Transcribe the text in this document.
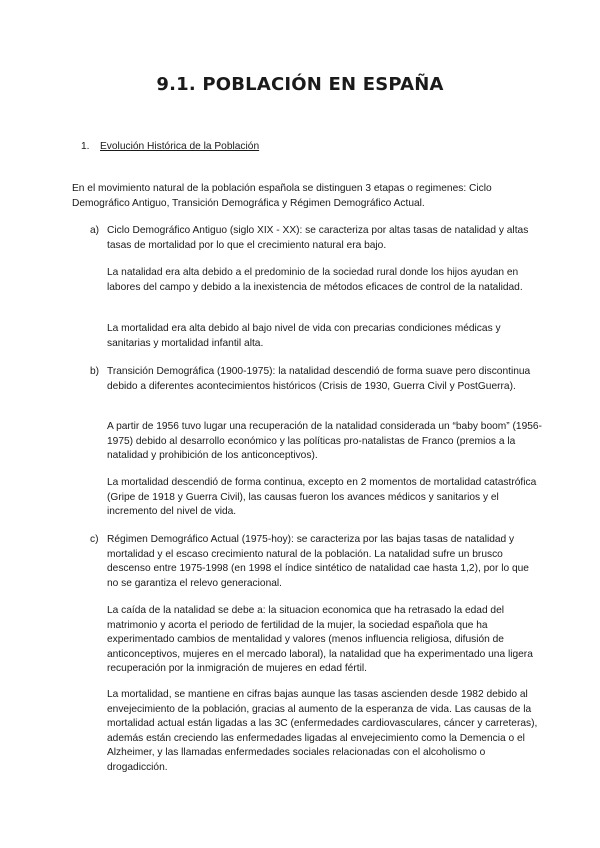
9.1. POBLACIÓN EN ESPAÑA
1. Evolución Histórica de la Población
En el movimiento natural de la población española se distinguen 3 etapas o regimenes: Ciclo Demográfico Antiguo, Transición Demográfica y Régimen Demográfico Actual.
a) Ciclo Demográfico Antiguo (siglo XIX - XX): se caracteriza por altas tasas de natalidad y altas tasas de mortalidad por lo que el crecimiento natural era bajo.
La natalidad era alta debido a el predominio de la sociedad rural donde los hijos ayudan en labores del campo y debido a la inexistencia de métodos eficaces de control de la natalidad.
La mortalidad era alta debido al bajo nivel de vida con precarias condiciones médicas y sanitarias y mortalidad infantil alta.
b) Transición Demográfica (1900-1975): la natalidad descendió de forma suave pero discontinua debido a diferentes acontecimientos históricos (Crisis de 1930, Guerra Civil y PostGuerra).
A partir de 1956 tuvo lugar una recuperación de la natalidad considerada un “baby boom” (1956-1975) debido al desarrollo económico y las políticas pro-natalistas de Franco (premios a la natalidad y prohibición de los anticonceptivos).
La mortalidad descendió de forma continua, excepto en 2 momentos de mortalidad catastrófica (Gripe de 1918 y Guerra Civil), las causas fueron los avances médicos y sanitarios y el incremento del nivel de vida.
c) Régimen Demográfico Actual (1975-hoy): se caracteriza por las bajas tasas de natalidad y mortalidad y el escaso crecimiento natural de la población. La natalidad sufre un brusco descenso entre 1975-1998 (en 1998 el índice sintético de natalidad cae hasta 1,2), por lo que no se garantiza el relevo generacional.
La caída de la natalidad se debe a: la situacion economica que ha retrasado la edad del matrimonio y acorta el periodo de fertilidad de la mujer, la sociedad española que ha experimentado cambios de mentalidad y valores (menos influencia religiosa, difusión de anticonceptivos, mujeres en el mercado laboral), la natalidad que ha experimentado una ligera recuperación por la inmigración de mujeres en edad fértil.
La mortalidad, se mantiene en cifras bajas aunque las tasas ascienden desde 1982 debido al envejecimiento de la población, gracias al aumento de la esperanza de vida. Las causas de la mortalidad actual están ligadas a las 3C (enfermedades cardiovasculares, cáncer y carreteras), además están creciendo las enfermedades ligadas al envejecimiento como la Demencia o el Alzheimer, y las llamadas enfermedades sociales relacionadas con el alcoholismo o drogadicción.
